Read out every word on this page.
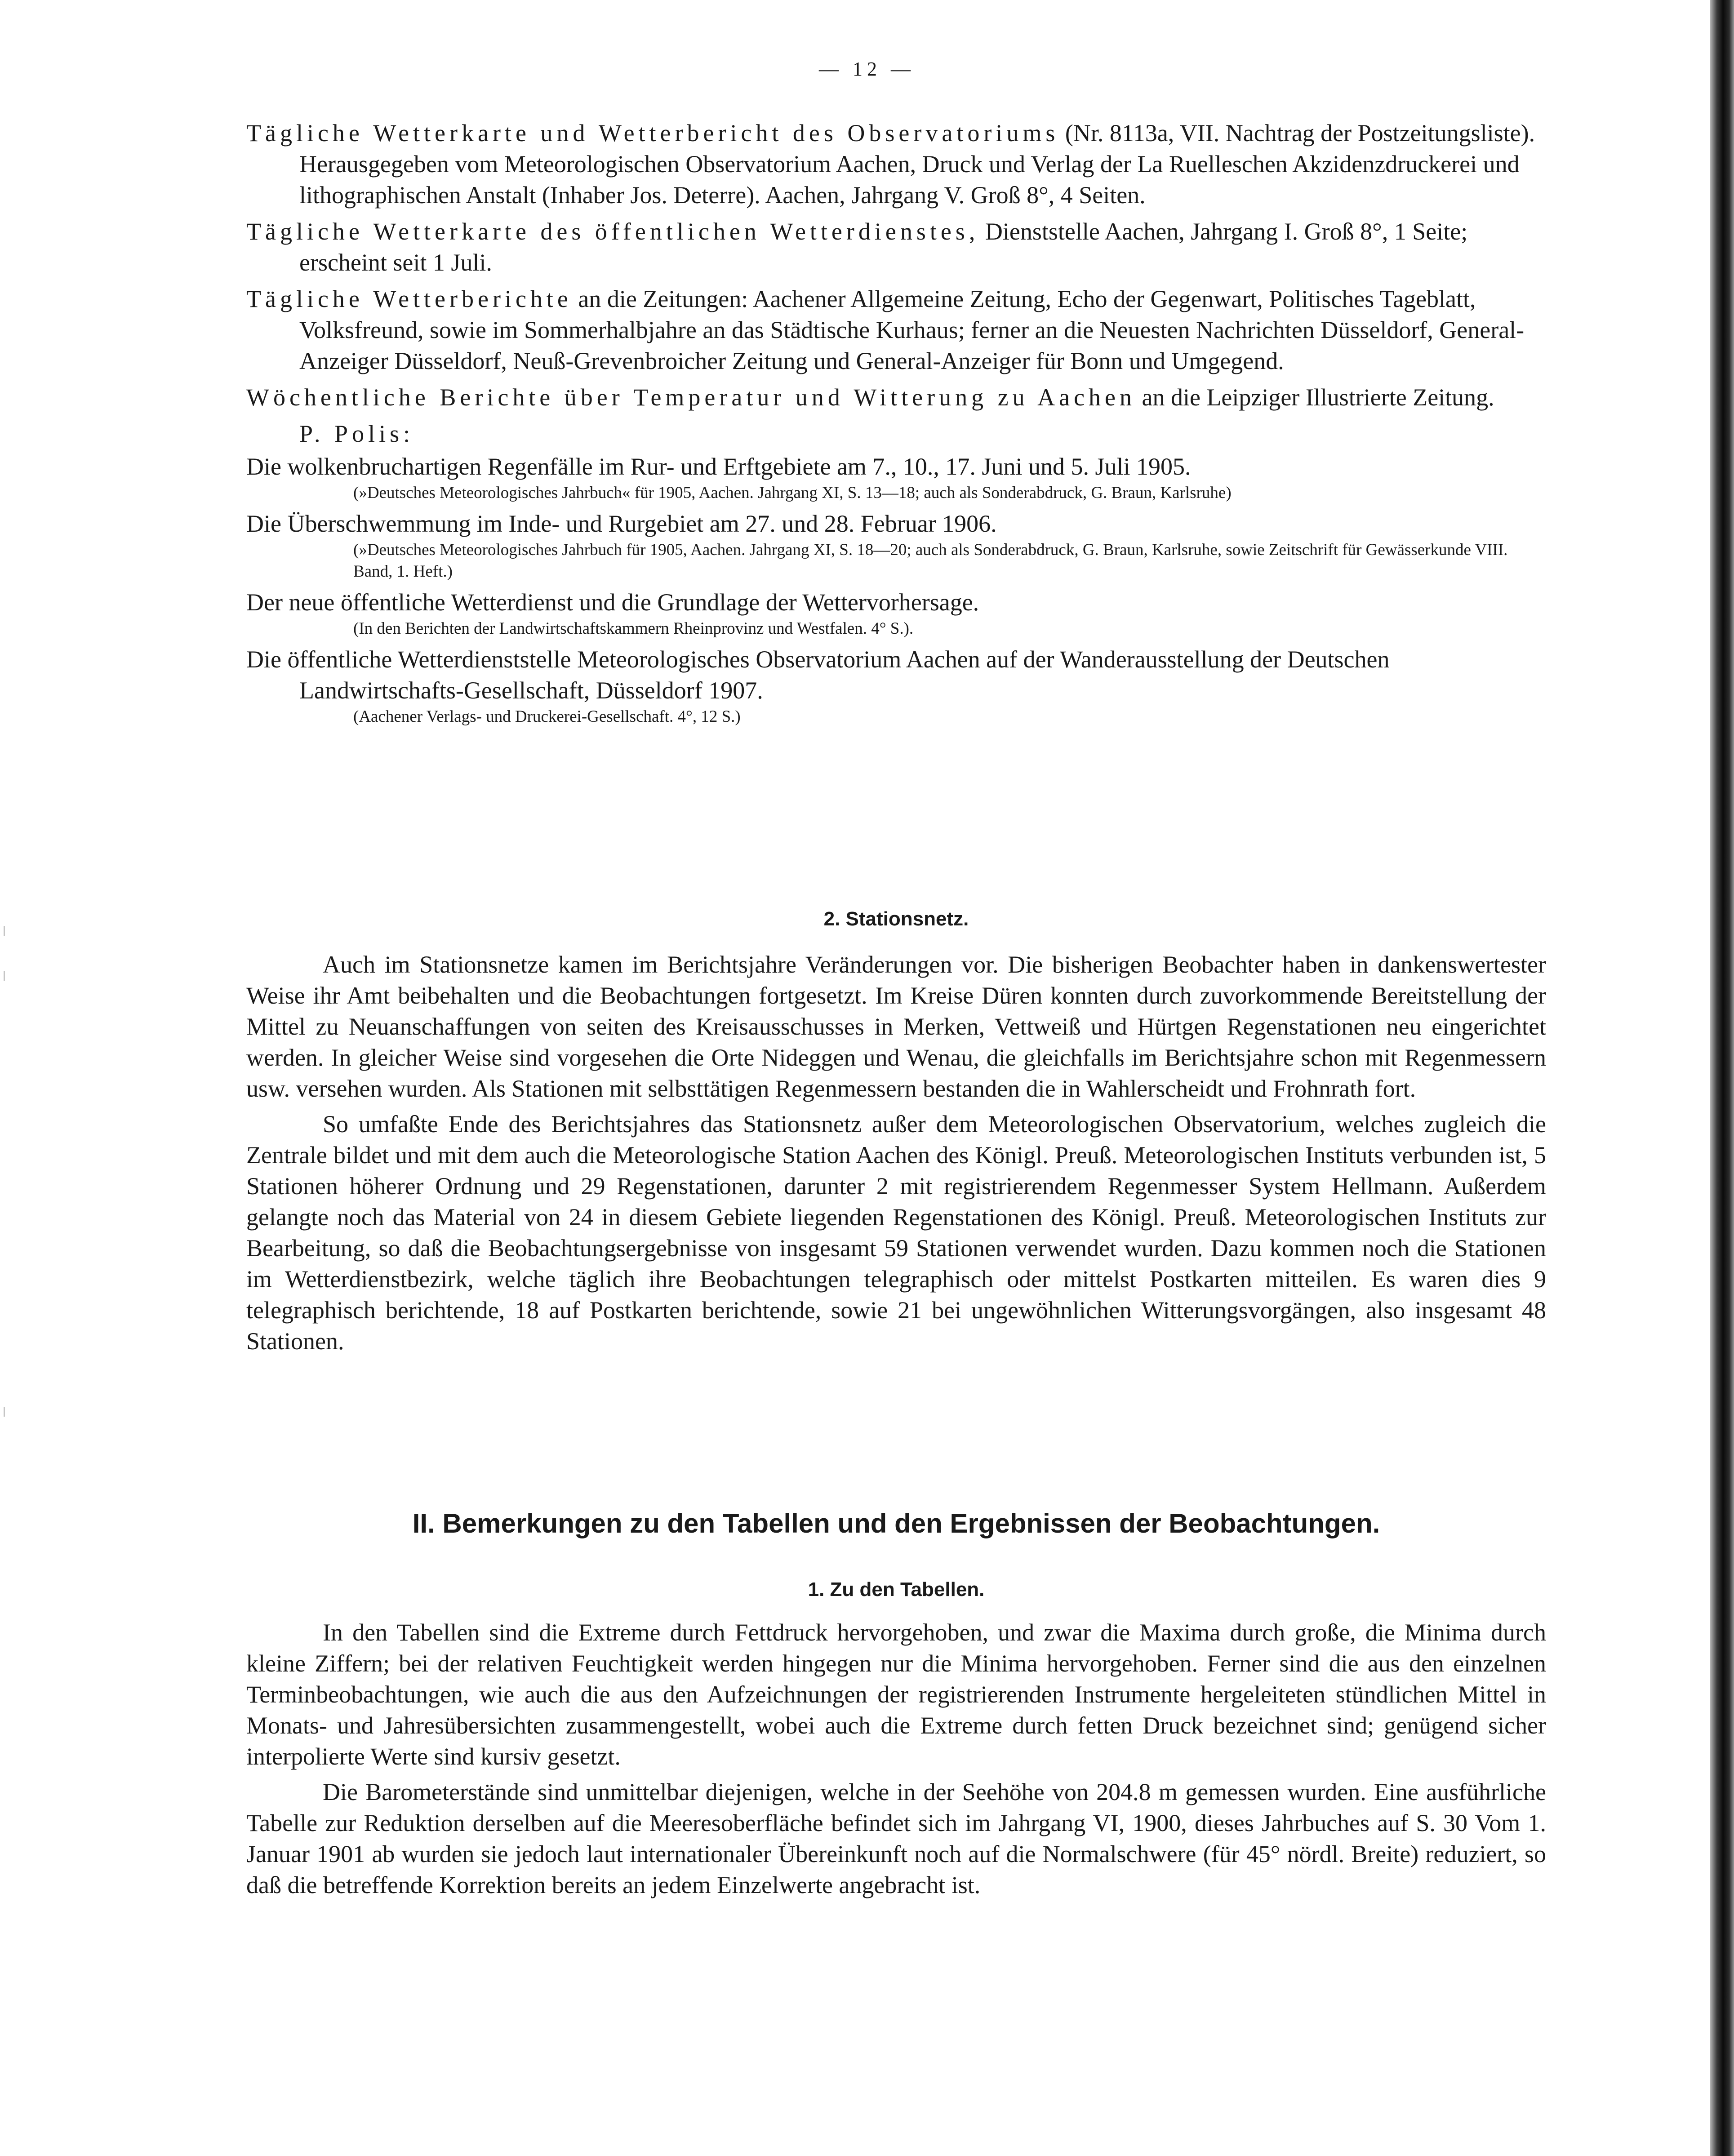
— 12 —
Tägliche Wetterkarte und Wetterbericht des Observatoriums (Nr. 8113a, VII. Nachtrag der Postzeitungsliste). Herausgegeben vom Meteorologischen Observatorium Aachen, Druck und Verlag der La Ruelleschen Akzidenzdruckerei und lithographischen Anstalt (Inhaber Jos. Deterre). Aachen, Jahrgang V. Groß 8°, 4 Seiten.
Tägliche Wetterkarte des öffentlichen Wetterdienstes, Dienststelle Aachen, Jahrgang I. Groß 8°, 1 Seite; erscheint seit 1 Juli.
Tägliche Wetterberichte an die Zeitungen: Aachener Allgemeine Zeitung, Echo der Gegenwart, Politisches Tageblatt, Volksfreund, sowie im Sommerhalbjahre an das Städtische Kurhaus; ferner an die Neuesten Nachrichten Düsseldorf, General-Anzeiger Düsseldorf, Neuß-Grevenbroicher Zeitung und General-Anzeiger für Bonn und Umgegend.
Wöchentliche Berichte über Temperatur und Witterung zu Aachen an die Leipziger Illustrierte Zeitung.
P. Polis:
Die wolkenbruchartigen Regenfälle im Rur- und Erftgebiete am 7., 10., 17. Juni und 5. Juli 1905.
(»Deutsches Meteorologisches Jahrbuch« für 1905, Aachen. Jahrgang XI, S. 13—18; auch als Sonderabdruck, G. Braun, Karlsruhe)
Die Überschwemmung im Inde- und Rurgebiet am 27. und 28. Februar 1906.
(»Deutsches Meteorologisches Jahrbuch für 1905, Aachen. Jahrgang XI, S. 18—20; auch als Sonderabdruck, G. Braun, Karlsruhe, sowie Zeitschrift für Gewässerkunde VIII. Band, 1. Heft.)
Der neue öffentliche Wetterdienst und die Grundlage der Wettervorhersage.
(In den Berichten der Landwirtschaftskammern Rheinprovinz und Westfalen. 4° S.).
Die öffentliche Wetterdienststelle Meteorologisches Observatorium Aachen auf der Wanderausstellung der Deutschen Landwirtschafts-Gesellschaft, Düsseldorf 1907.
(Aachener Verlags- und Druckerei-Gesellschaft. 4°, 12 S.)
2. Stationsnetz.

Auch im Stationsnetze kamen im Berichtsjahre Veränderungen vor. Die bisherigen Beobachter haben in dankenswertester Weise ihr Amt beibehalten und die Beobachtungen fortgesetzt. Im Kreise Düren konnten durch zuvorkommende Bereitstellung der Mittel zu Neuanschaffungen von seiten des Kreisausschusses in Merken, Vettweiß und Hürtgen Regenstationen neu eingerichtet werden. In gleicher Weise sind vorgesehen die Orte Nideggen und Wenau, die gleichfalls im Berichtsjahre schon mit Regenmessern usw. versehen wurden. Als Stationen mit selbsttätigen Regenmessern bestanden die in Wahlerscheidt und Frohnrath fort.

So umfaßte Ende des Berichtsjahres das Stationsnetz außer dem Meteorologischen Observatorium, welches zugleich die Zentrale bildet und mit dem auch die Meteorologische Station Aachen des Königl. Preuß. Meteorologischen Instituts verbunden ist, 5 Stationen höherer Ordnung und 29 Regenstationen, darunter 2 mit registrierendem Regenmesser System Hellmann. Außerdem gelangte noch das Material von 24 in diesem Gebiete liegenden Regenstationen des Königl. Preuß. Meteorologischen Instituts zur Bearbeitung, so daß die Beobachtungsergebnisse von insgesamt 59 Stationen verwendet wurden. Dazu kommen noch die Stationen im Wetterdienstbezirk, welche täglich ihre Beobachtungen telegraphisch oder mittelst Postkarten mitteilen. Es waren dies 9 telegraphisch berichtende, 18 auf Postkarten berichtende, sowie 21 bei ungewöhnlichen Witterungsvorgängen, also insgesamt 48 Stationen.

II. Bemerkungen zu den Tabellen und den Ergebnissen der Beobachtungen.
1. Zu den Tabellen.

In den Tabellen sind die Extreme durch Fettdruck hervorgehoben, und zwar die Maxima durch große, die Minima durch kleine Ziffern; bei der relativen Feuchtigkeit werden hingegen nur die Minima hervorgehoben. Ferner sind die aus den einzelnen Terminbeobachtungen, wie auch die aus den Aufzeichnungen der registrierenden Instrumente hergeleiteten stündlichen Mittel in Monats- und Jahresübersichten zusammengestellt, wobei auch die Extreme durch fetten Druck bezeichnet sind; genügend sicher interpolierte Werte sind kursiv gesetzt.

Die Barometerstände sind unmittelbar diejenigen, welche in der Seehöhe von 204.8 m gemessen wurden. Eine ausführliche Tabelle zur Reduktion derselben auf die Meeresoberfläche befindet sich im Jahrgang VI, 1900, dieses Jahrbuches auf S. 30 Vom 1. Januar 1901 ab wurden sie jedoch laut internationaler Übereinkunft noch auf die Normalschwere (für 45° nördl. Breite) reduziert, so daß die betreffende Korrektion bereits an jedem Einzelwerte angebracht ist.
